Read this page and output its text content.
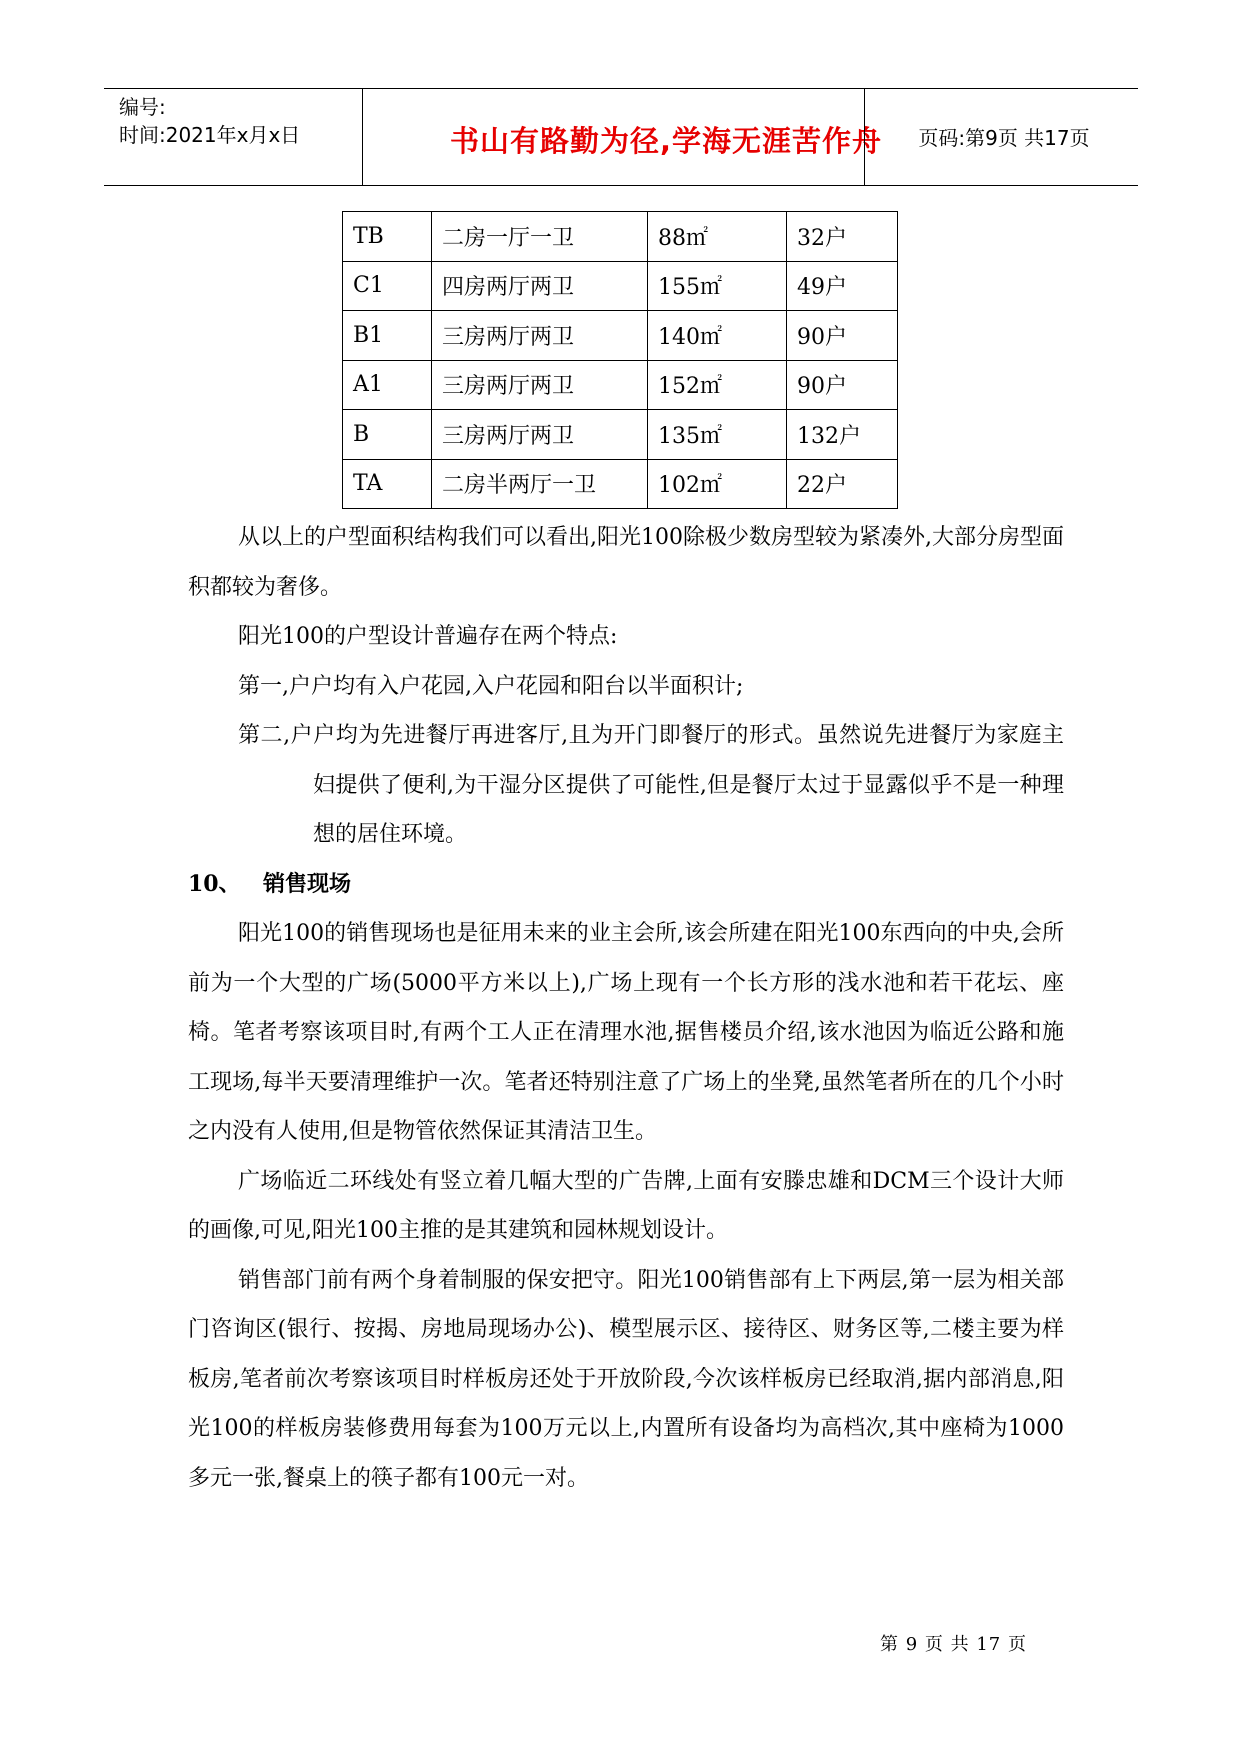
编号:
时间:2021年x月x日	书山有路勤为径,学海无涯苦作舟	页码:第9页 共17页
TB	二房一厅一卫	88㎡	32户
C1	四房两厅两卫	155㎡	49户
B1	三房两厅两卫	140㎡	90户
A1	三房两厅两卫	152㎡	90户
B	三房两厅两卫	135㎡	132户
TA	二房半两厅一卫	102㎡	22户

从以上的户型面积结构我们可以看出,阳光100除极少数房型较为紧凑外,大部分房型面积都较为奢侈。

阳光100的户型设计普遍存在两个特点:

第一,户户均有入户花园,入户花园和阳台以半面积计;

第二,户户均为先进餐厅再进客厅,且为开门即餐厅的形式。虽然说先进餐厅为家庭主妇提供了便利,为干湿分区提供了可能性,但是餐厅太过于显露似乎不是一种理想的居住环境。

10、 销售现场

阳光100的销售现场也是征用未来的业主会所,该会所建在阳光100东西向的中央,会所前为一个大型的广场(5000平方米以上),广场上现有一个长方形的浅水池和若干花坛、座椅。笔者考察该项目时,有两个工人正在清理水池,据售楼员介绍,该水池因为临近公路和施工现场,每半天要清理维护一次。笔者还特别注意了广场上的坐凳,虽然笔者所在的几个小时之内没有人使用,但是物管依然保证其清洁卫生。

广场临近二环线处有竖立着几幅大型的广告牌,上面有安滕忠雄和DCM三个设计大师的画像,可见,阳光100主推的是其建筑和园林规划设计。

销售部门前有两个身着制服的保安把守。阳光100销售部有上下两层,第一层为相关部门咨询区(银行、按揭、房地局现场办公)、模型展示区、接待区、财务区等,二楼主要为样板房,笔者前次考察该项目时样板房还处于开放阶段,今次该样板房已经取消,据内部消息,阳光100的样板房装修费用每套为100万元以上,内置所有设备均为高档次,其中座椅为1000多元一张,餐桌上的筷子都有100元一对。

第 9 页 共 17 页
